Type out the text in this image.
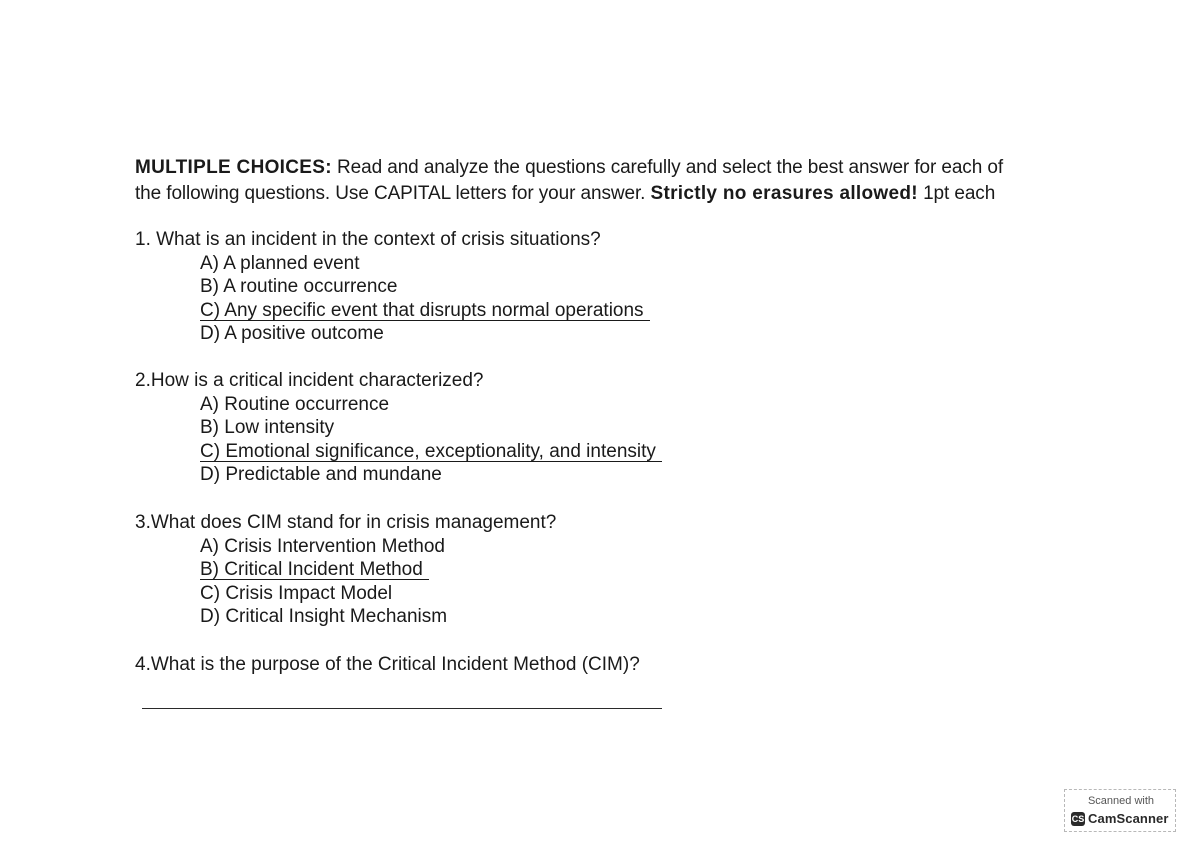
MULTIPLE CHOICES: Read and analyze the questions carefully and select the best answer for each of
the following questions. Use CAPITAL letters for your answer. Strictly no erasures allowed! 1pt each
1. What is an incident in the context of crisis situations?
A) A planned event
B) A routine occurrence
C) Any specific event that disrupts normal operations
D) A positive outcome
2.How is a critical incident characterized?
A) Routine occurrence
B) Low intensity
C) Emotional significance, exceptionality, and intensity
D) Predictable and mundane
3.What does CIM stand for in crisis management?
A) Crisis Intervention Method
B) Critical Incident Method
C) Crisis Impact Model
D) Critical Insight Mechanism
4.What is the purpose of the Critical Incident Method (CIM)?
Scanned with
CS CamScanner
